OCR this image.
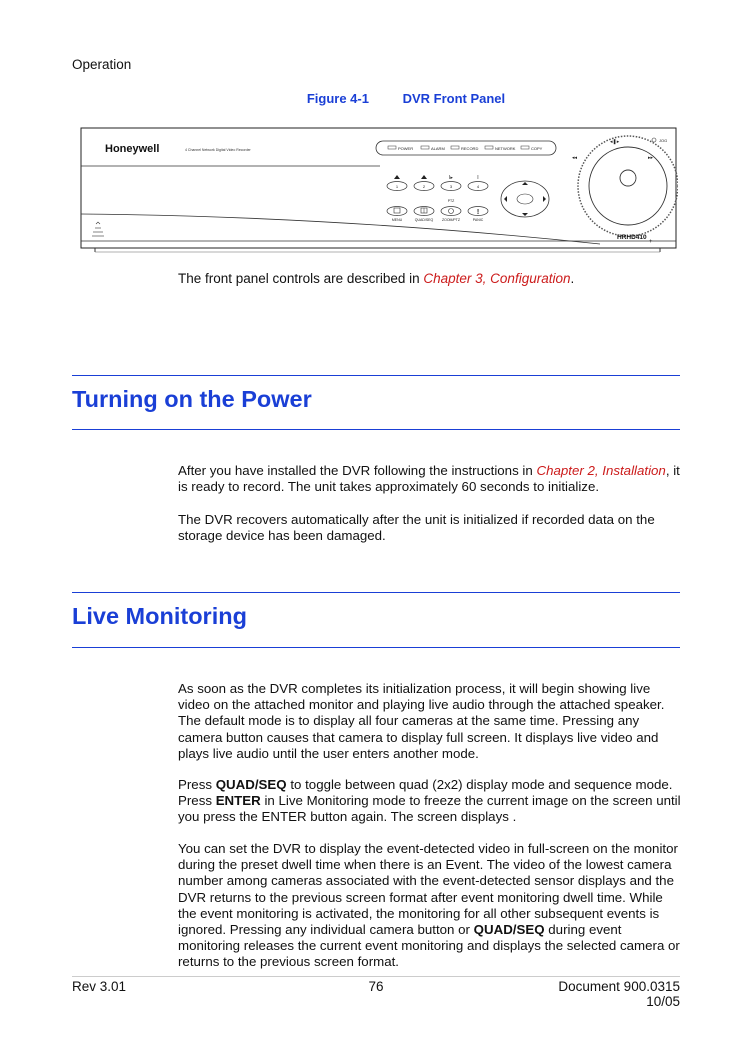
Operation
Figure 4-1	DVR Front Panel
Honeywell	4 Channel Network Digital Video Recorder	POWER	ALARM	RECORD	NETWORK	COPY
1	2	3	4
I▸	I
!
PTZ
MENU	QUAD/SEQ ZOOM/PTZ	PANIC
JOG
◂❚▸
◂◂	▸▸
HRHD410
+
The front panel controls are described in Chapter 3, Configuration.
Turning on the Power
After you have installed the DVR following the instructions in Chapter 2, Installation, it is ready to record. The unit takes approximately 60 seconds to initialize.
The DVR recovers automatically after the unit is initialized if recorded data on the storage device has been damaged.
Live Monitoring
As soon as the DVR completes its initialization process, it will begin showing live video on the attached monitor and playing live audio through the attached speaker. The default mode is to display all four cameras at the same time. Pressing any camera button causes that camera to display full screen. It displays live video and plays live audio until the user enters another mode.
Press QUAD/SEQ to toggle between quad (2x2) display mode and sequence mode. Press ENTER in Live Monitoring mode to freeze the current image on the screen until you press the ENTER button again. The screen displays .
You can set the DVR to display the event-detected video in full-screen on the monitor during the preset dwell time when there is an Event. The video of the lowest camera number among cameras associated with the event-detected sensor displays and the DVR returns to the previous screen format after event monitoring dwell time. While the event monitoring is activated, the monitoring for all other subsequent events is ignored. Pressing any individual camera button or QUAD/SEQ during event monitoring releases the current event monitoring and displays the selected camera or returns to the previous screen format.
Rev 3.01	76	Document 900.0315
10/05
